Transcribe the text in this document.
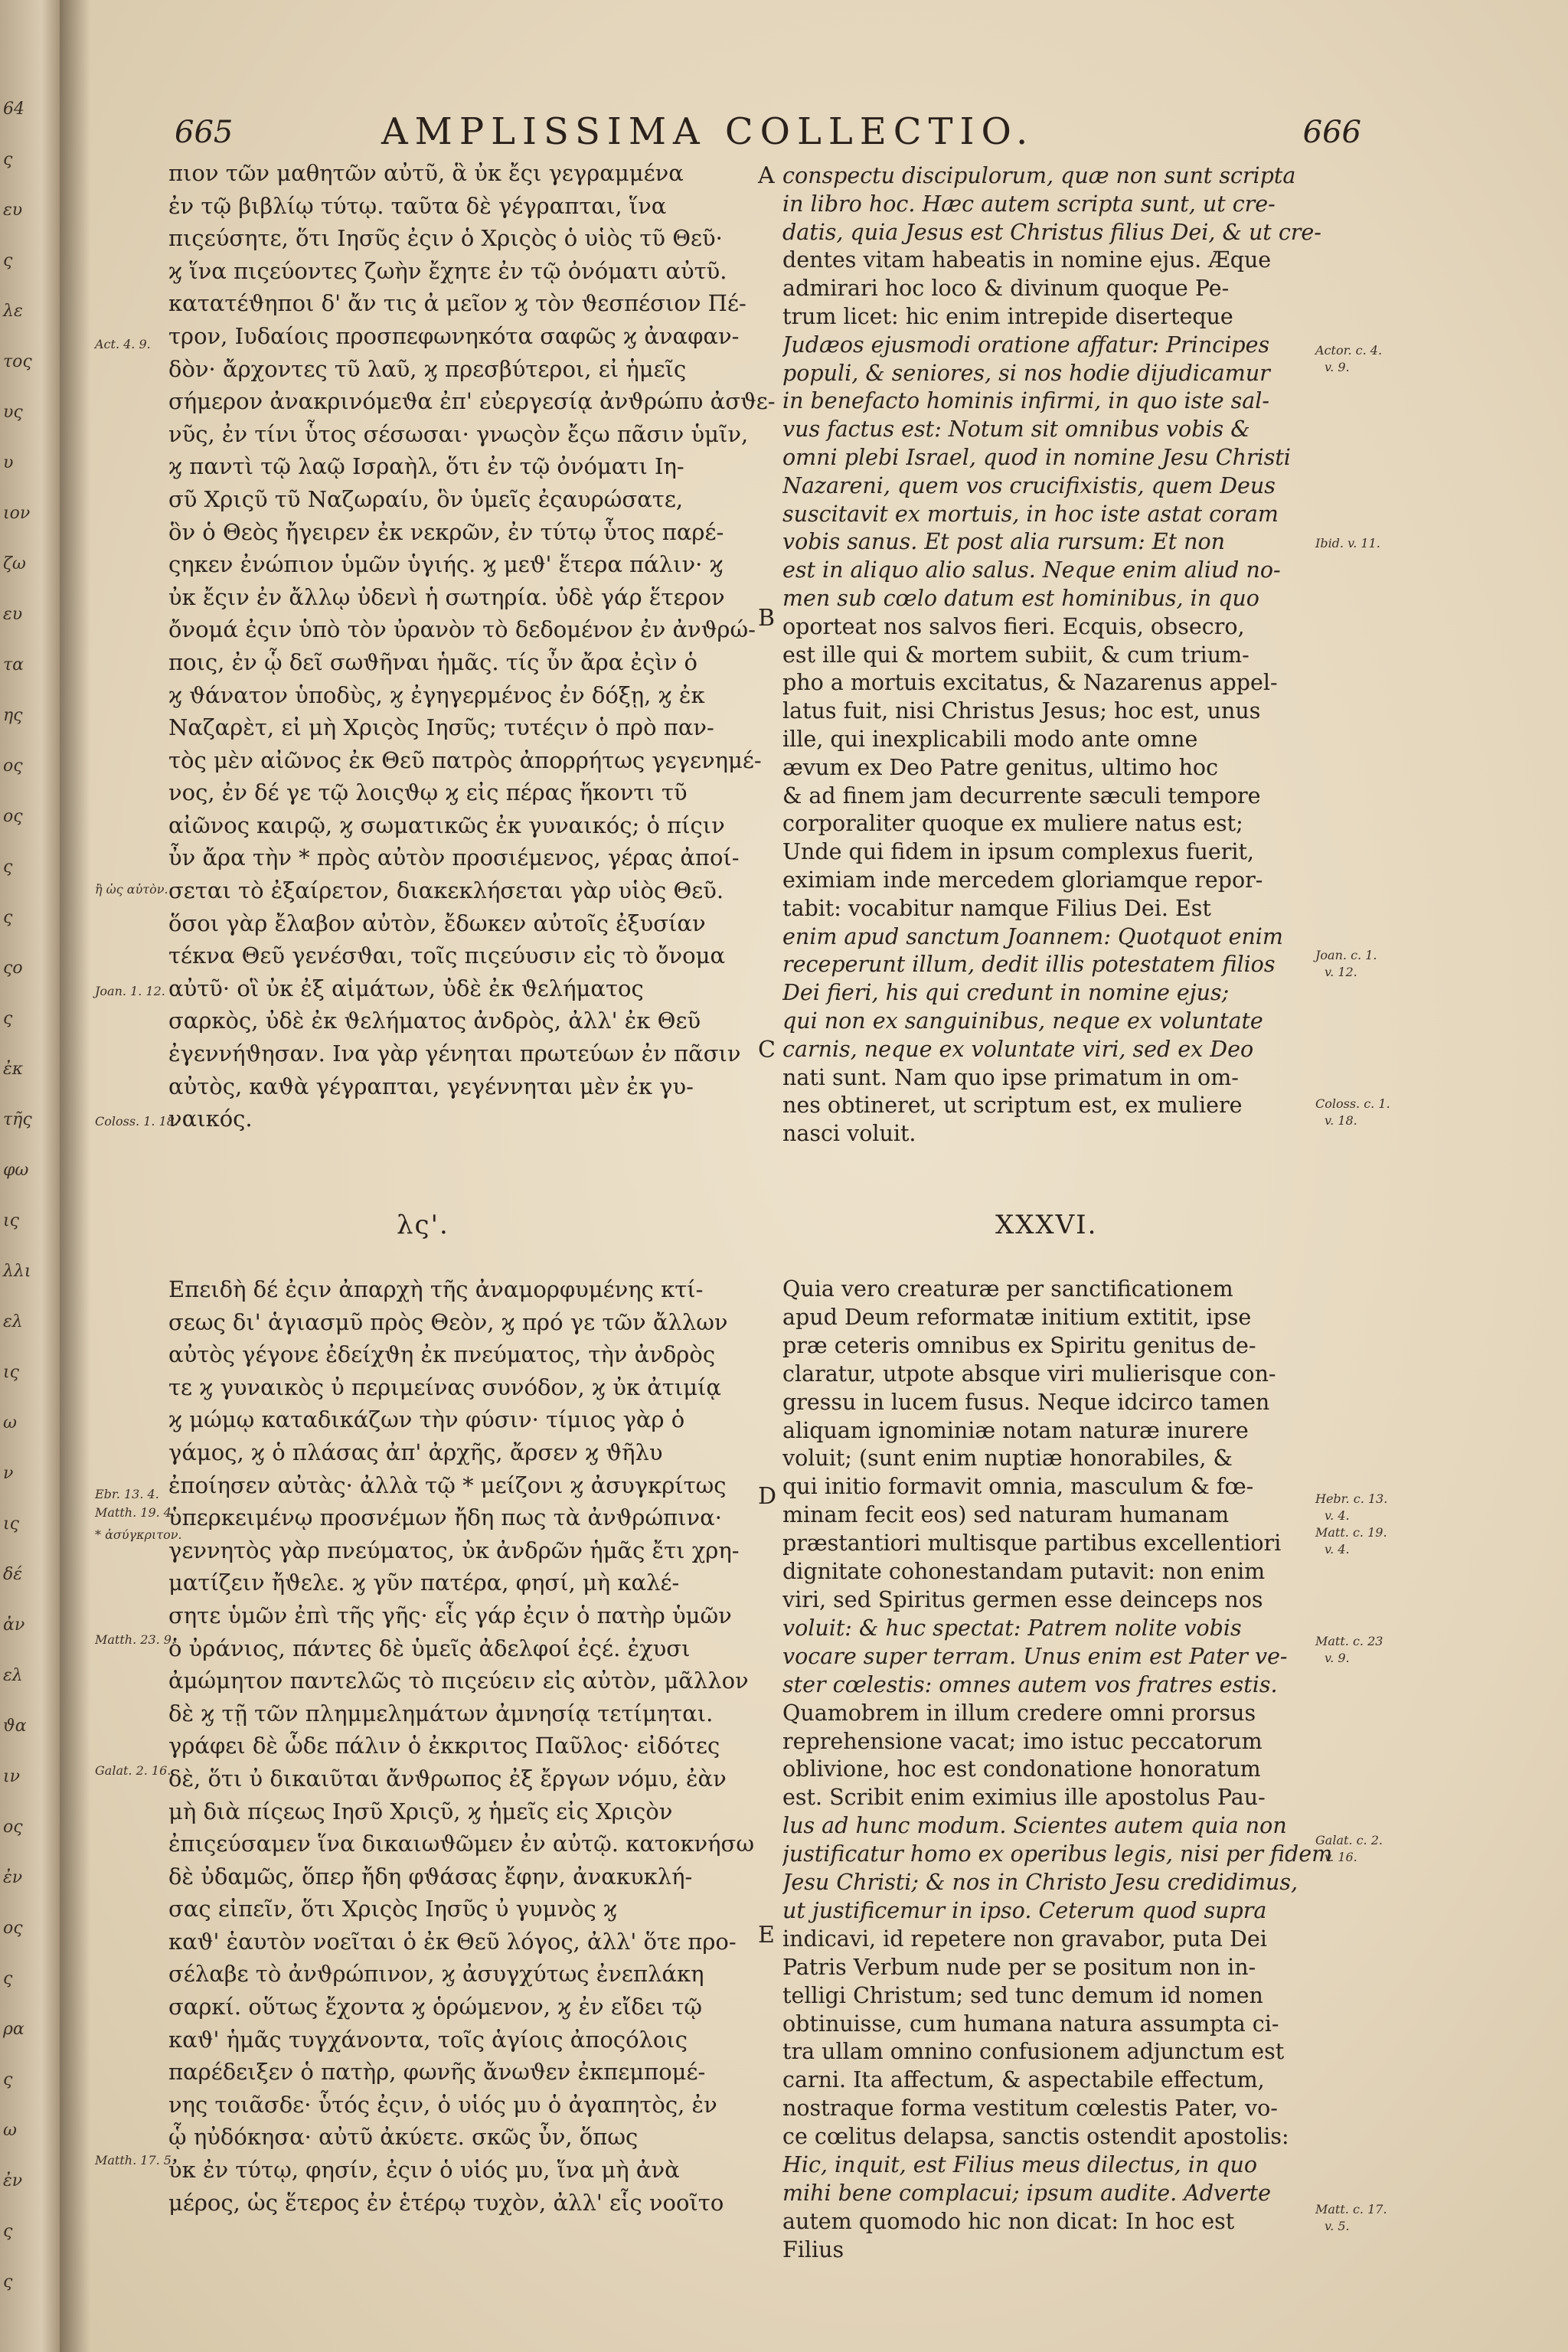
64
ς
ευ
ς
λε
τος
υς
υ
ιον
ζω
ευ
τα
ης
ος
ος
ς
ς
ςο
ς
ἐκ
τῆς
φω
ις
λλι
ελ
ις
ω
ν
ις
δέ
ἀν
ελ
ϑα
ιν
ος
ἐν
ος
ς
ρα
ς
ω
ἐν
ς
ς
665	AMPLISSIMA COLLECTIO.	666
πιον τῶν μαθητῶν αὐτῦ, ἃ ὐκ ἔςι γεγραμμένα
ἐν τῷ βιβλίῳ τύτῳ. ταῦτα δὲ γέγραπται, ἵνα
πιςεύσητε, ὅτι Ιησῦς ἐςιν ὁ Χριςὸς ὁ υἱὸς τῦ Θεῦ·
ϗ ἵνα πιςεύοντες ζωὴν ἔχητε ἐν τῷ ὀνόματι αὐτῦ.
κατατέϑηποι δ' ἄν τις ἀ μεῖον ϗ τὸν ϑεσπέσιον Πέ-
τρον, Ιυδαίοις προσπεφωνηκότα σαφῶς ϗ ἀναφαν-
δὸν· ἄρχοντες τῦ λαῦ, ϗ πρεσβύτεροι, εἰ ἡμεῖς
σήμερον ἀνακρινόμεϑα ἐπ' εὐεργεσίᾳ ἀνϑρώπυ ἀσϑε-
νῦς, ἐν τίνι ὗτος σέσωσαι· γνωςὸν ἔςω πᾶσιν ὑμῖν,
ϗ παντὶ τῷ λαῷ Ισραὴλ, ὅτι ἐν τῷ ὀνόματι Ιη-
σῦ Χριςῦ τῦ Ναζωραίυ, ὃν ὑμεῖς ἐςαυρώσατε,
ὃν ὁ Θεὸς ἤγειρεν ἐκ νεκρῶν, ἐν τύτῳ ὗτος παρέ-
ςηκεν ἐνώπιον ὑμῶν ὑγιής. ϗ μεϑ' ἕτερα πάλιν· ϗ
ὐκ ἔςιν ἐν ἄλλῳ ὐδενὶ ἡ σωτηρία. ὐδὲ γάρ ἕτερον
ὄνομά ἐςιν ὑπὸ τὸν ὐρανὸν τὸ δεδομένον ἐν ἀνϑρώ-
ποις, ἐν ᾧ δεῖ σωϑῆναι ἡμᾶς. τίς ὖν ἄρα ἐςὶν ὁ
ϗ ϑάνατον ὑποδὺς, ϗ ἐγηγερμένος ἐν δόξῃ, ϗ ἐκ
Ναζαρὲτ, εἰ μὴ Χριςὸς Ιησῦς; τυτέςιν ὁ πρὸ παν-
τὸς μὲν αἰῶνος ἐκ Θεῦ πατρὸς ἀπορρήτως γεγενημέ-
νος, ἐν δέ γε τῷ λοιςϑῳ ϗ εἰς πέρας ἥκοντι τῦ
αἰῶνος καιρῷ, ϗ σωματικῶς ἐκ γυναικός; ὁ πίςιν
ὖν ἄρα τὴν * πρὸς αὐτὸν προσιέμενος, γέρας ἀποί-
σεται τὸ ἐξαίρετον, διακεκλήσεται γὰρ υἱὸς Θεῦ.
ὅσοι γὰρ ἔλαβον αὐτὸν, ἔδωκεν αὐτοῖς ἐξυσίαν
τέκνα Θεῦ γενέσϑαι, τοῖς πιςεύυσιν εἰς τὸ ὄνομα
αὐτῦ· οἳ ὐκ ἐξ αἱμάτων, ὐδὲ ἐκ ϑελήματος
σαρκὸς, ὐδὲ ἐκ ϑελήματος ἀνδρὸς, ἀλλ' ἐκ Θεῦ
ἐγεννήϑησαν. Ινα γὰρ γένηται πρωτεύων ἐν πᾶσιν
αὐτὸς, καϑὰ γέγραπται, γεγέννηται μὲν ἐκ γυ-
ναικός.
conspectu discipulorum, quæ non sunt scripta
in libro hoc. Hæc autem scripta sunt, ut cre-
datis, quia Jesus est Christus filius Dei, & ut cre-
dentes vitam habeatis in nomine ejus. Æque
admirari hoc loco & divinum quoque Pe-
trum licet: hic enim intrepide diserteque
Judæos ejusmodi oratione affatur: Principes
populi, & seniores, si nos hodie dijudicamur
in benefacto hominis infirmi, in quo iste sal-
vus factus est: Notum sit omnibus vobis &
omni plebi Israel, quod in nomine Jesu Christi
Nazareni, quem vos crucifixistis, quem Deus
suscitavit ex mortuis, in hoc iste astat coram
vobis sanus. Et post alia rursum: Et non
est in aliquo alio salus. Neque enim aliud no-
men sub cœlo datum est hominibus, in quo
oporteat nos salvos fieri. Ecquis, obsecro,
est ille qui & mortem subiit, & cum trium-
pho a mortuis excitatus, & Nazarenus appel-
latus fuit, nisi Christus Jesus; hoc est, unus
ille, qui inexplicabili modo ante omne
ævum ex Deo Patre genitus, ultimo hoc
& ad finem jam decurrente sæculi tempore
corporaliter quoque ex muliere natus est;
Unde qui fidem in ipsum complexus fuerit,
eximiam inde mercedem gloriamque repor-
tabit: vocabitur namque Filius Dei. Est
enim apud sanctum Joannem: Quotquot enim
receperunt illum, dedit illis potestatem filios
Dei fieri, his qui credunt in nomine ejus;
qui non ex sanguinibus, neque ex voluntate
carnis, neque ex voluntate viri, sed ex Deo
nati sunt. Nam quo ipse primatum in om-
nes obtineret, ut scriptum est, ex muliere
nasci voluit.
λς'.	XXXVI.
Επειδὴ δέ ἐςιν ἀπαρχὴ τῆς ἀναμορφυμένης κτί-
σεως δι' ἁγιασμῦ πρὸς Θεὸν, ϗ πρό γε τῶν ἄλλων
αὐτὸς γέγονε ἐδείχϑη ἐκ πνεύματος, τὴν ἀνδρὸς
τε ϗ γυναικὸς ὐ περιμείνας συνόδον, ϗ ὐκ ἀτιμίᾳ
ϗ μώμῳ καταδικάζων τὴν φύσιν· τίμιος γὰρ ὁ
γάμος, ϗ ὁ πλάσας ἀπ' ἀρχῆς, ἄρσεν ϗ ϑῆλυ
ἐποίησεν αὐτὰς· ἀλλὰ τῷ * μείζονι ϗ ἀσυγκρίτως
ὑπερκειμένῳ προσνέμων ἤδη πως τὰ ἀνϑρώπινα·
γεννητὸς γὰρ πνεύματος, ὐκ ἀνδρῶν ἡμᾶς ἔτι χρη-
ματίζειν ἤϑελε. ϗ γῦν πατέρα, φησί, μὴ καλέ-
σητε ὑμῶν ἐπὶ τῆς γῆς· εἷς γάρ ἐςιν ὁ πατὴρ ὑμῶν
ὁ ὐράνιος, πάντες δὲ ὑμεῖς ἀδελφοί ἐςέ. ἐχυσι
ἀμώμητον παντελῶς τὸ πιςεύειν εἰς αὐτὸν, μᾶλλον
δὲ ϗ τῇ τῶν πλημμελημάτων ἀμνησίᾳ τετίμηται.
γράφει δὲ ὧδε πάλιν ὁ ἐκκριτος Παῦλος· εἰδότες
δὲ, ὅτι ὐ δικαιῦται ἄνϑρωπος ἐξ ἔργων νόμυ, ἐὰν
μὴ διὰ πίςεως Ιησῦ Χριςῦ, ϗ ἡμεῖς εἰς Χριςὸν
ἐπιςεύσαμεν ἵνα δικαιωϑῶμεν ἐν αὐτῷ. κατοκνήσω
δὲ ὐδαμῶς, ὅπερ ἤδη φϑάσας ἔφην, ἀνακυκλή-
σας εἰπεῖν, ὅτι Χριςὸς Ιησῦς ὐ γυμνὸς ϗ
καϑ' ἑαυτὸν νοεῖται ὁ ἐκ Θεῦ λόγος, ἀλλ' ὅτε προ-
σέλαβε τὸ ἀνϑρώπινον, ϗ ἀσυγχύτως ἐνεπλάκη
σαρκί. οὕτως ἔχοντα ϗ ὁρώμενον, ϗ ἐν εἴδει τῷ
καϑ' ἡμᾶς τυγχάνοντα, τοῖς ἁγίοις ἀποςόλοις
παρέδειξεν ὁ πατὴρ, φωνῆς ἄνωϑεν ἐκπεμπομέ-
νης τοιᾶσδε· ὗτός ἐςιν, ὁ υἱός μυ ὁ ἀγαπητὸς, ἐν
ᾧ ηὐδόκησα· αὐτῦ ἀκύετε. σκῶς ὖν, ὅπως
ὐκ ἐν τύτῳ, φησίν, ἐςιν ὁ υἱός μυ, ἵνα μὴ ἀνὰ
μέρος, ὡς ἕτερος ἐν ἑτέρῳ τυχὸν, ἀλλ' εἷς νοοῖτο
Quia vero creaturæ per sanctificationem
apud Deum reformatæ initium extitit, ipse
præ ceteris omnibus ex Spiritu genitus de-
claratur, utpote absque viri mulierisque con-
gressu in lucem fusus. Neque idcirco tamen
aliquam ignominiæ notam naturæ inurere
voluit; (sunt enim nuptiæ honorabiles, &
qui initio formavit omnia, masculum & fœ-
minam fecit eos) sed naturam humanam
præstantiori multisque partibus excellentiori
dignitate cohonestandam putavit: non enim
viri, sed Spiritus germen esse deinceps nos
voluit: & huc spectat: Patrem nolite vobis
vocare super terram. Unus enim est Pater ve-
ster cœlestis: omnes autem vos fratres estis.
Quamobrem in illum credere omni prorsus
reprehensione vacat; imo istuc peccatorum
oblivione, hoc est condonatione honoratum
est. Scribit enim eximius ille apostolus Pau-
lus ad hunc modum. Scientes autem quia non
justificatur homo ex operibus legis, nisi per fidem
Jesu Christi; & nos in Christo Jesu credidimus,
ut justificemur in ipso. Ceterum quod supra
indicavi, id repetere non gravabor, puta Dei
Patris Verbum nude per se positum non in-
telligi Christum; sed tunc demum id nomen
obtinuisse, cum humana natura assumpta ci-
tra ullam omnino confusionem adjunctum est
carni. Ita affectum, & aspectabile effectum,
nostraque forma vestitum cœlestis Pater, vo-
ce cœlitus delapsa, sanctis ostendit apostolis:
Hic, inquit, est Filius meus dilectus, in quo
mihi bene complacui; ipsum audite. Adverte
autem quomodo hic non dicat: In hoc est
Filius
A
B
C
D
E
Act. 4. 9.
ἢ ὡς αὐτὸν.
Joan. 1. 12.
Coloss. 1. 18.
Ebr. 13. 4.
Matth. 19. 4.
* ἀσύγκριτον.
Matth. 23. 9.
Galat. 2. 16.
Matth. 17. 5.
Actor. c. 4.
v. 9.
Ibid. v. 11.
Joan. c. 1.
v. 12.
Coloss. c. 1.
v. 18.
Hebr. c. 13.
v. 4.
Matt. c. 19.
v. 4.
Matt. c. 23
v. 9.
Galat. c. 2.
v. 16.
Matt. c. 17.
v. 5.
